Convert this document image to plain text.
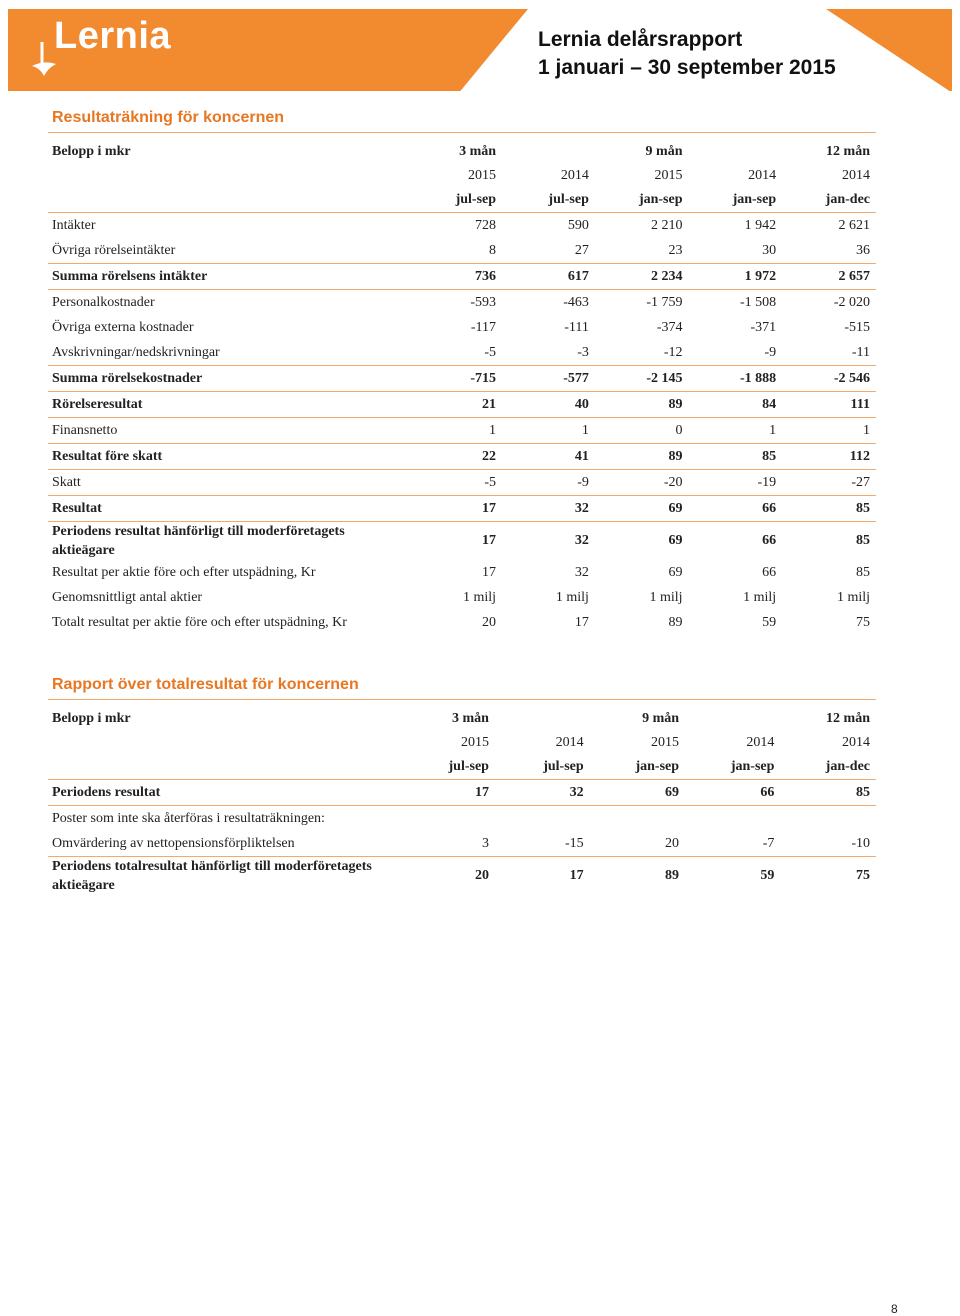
Lernia	Lernia delårsrapport
1 januari – 30 september 2015
Resultaträkning för koncernen
Belopp i mkr	3 mån		9 mån		12 mån
	2015	2014	2015	2014	2014
	jul-sep	jul-sep	jan-sep	jan-sep	jan-dec
Intäkter	728	590	2 210	1 942	2 621
Övriga rörelseintäkter	8	27	23	30	36
Summa rörelsens intäkter	736	617	2 234	1 972	2 657
Personalkostnader	-593	-463	-1 759	-1 508	-2 020
Övriga externa kostnader	-117	-111	-374	-371	-515
Avskrivningar/nedskrivningar	-5	-3	-12	-9	-11
Summa rörelsekostnader	-715	-577	-2 145	-1 888	-2 546
Rörelseresultat	21	40	89	84	111
Finansnetto	1	1	0	1	1
Resultat före skatt	22	41	89	85	112
Skatt	-5	-9	-20	-19	-27
Resultat	17	32	69	66	85
Periodens resultat hänförligt till moderföretagets aktieägare	17	32	69	66	85
Resultat per aktie före och efter utspädning, Kr	17	32	69	66	85
Genomsnittligt antal aktier	1 milj	1 milj	1 milj	1 milj	1 milj
Totalt resultat per aktie före och efter utspädning, Kr	20	17	89	59	75
Rapport över totalresultat för koncernen
Belopp i mkr	3 mån		9 mån		12 mån
	2015	2014	2015	2014	2014
	jul-sep	jul-sep	jan-sep	jan-sep	jan-dec
Periodens resultat	17	32	69	66	85
Poster som inte ska återföras i resultaträkningen:					
Omvärdering av nettopensionsförpliktelsen	3	-15	20	-7	-10
Periodens totalresultat hänförligt till moderföretagets aktieägare	20	17	89	59	75
8
